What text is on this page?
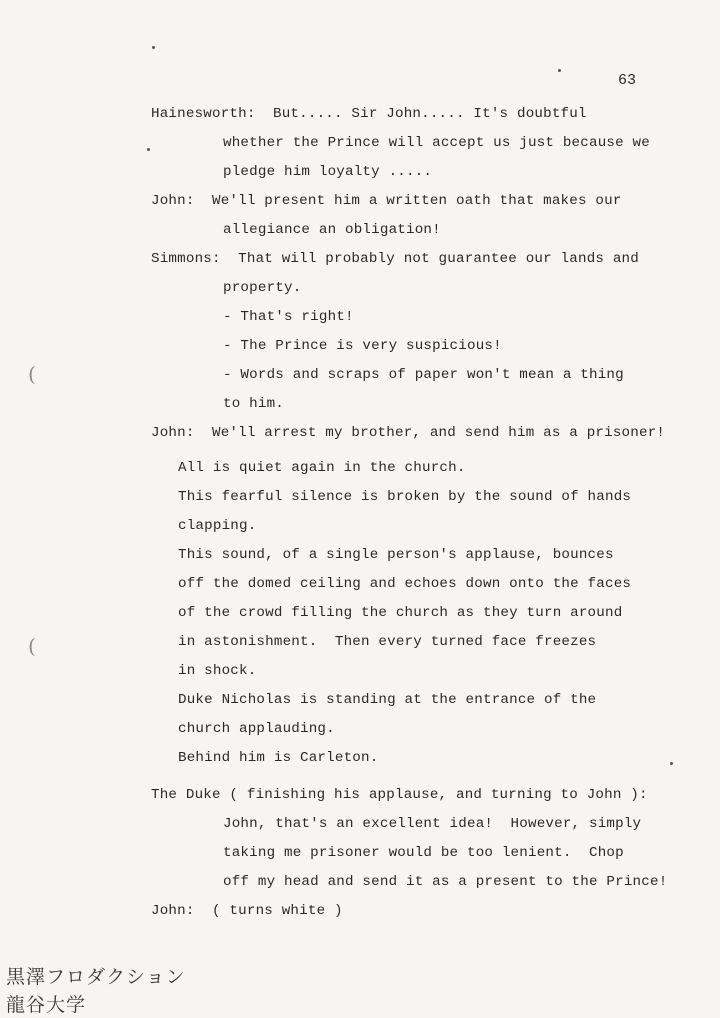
63
Hainesworth:  But..... Sir John..... It's doubtful
whether the Prince will accept us just because we
pledge him loyalty .....
John:  We'll present him a written oath that makes our
allegiance an obligation!
Simmons:  That will probably not guarantee our lands and
property.
- That's right!
- The Prince is very suspicious!
- Words and scraps of paper won't mean a thing
to him.
John:  We'll arrest my brother, and send him as a prisoner!
All is quiet again in the church.
This fearful silence is broken by the sound of hands
clapping.
This sound, of a single person's applause, bounces
off the domed ceiling and echoes down onto the faces
of the crowd filling the church as they turn around
in astonishment.  Then every turned face freezes
in shock.
Duke Nicholas is standing at the entrance of the
church applauding.
Behind him is Carleton.
The Duke ( finishing his applause, and turning to John ):
John, that's an excellent idea!  However, simply
taking me prisoner would be too lenient.  Chop
off my head and send it as a present to the Prince!
John:  ( turns white )
(
(
黒澤フロダクション
龍谷大学
